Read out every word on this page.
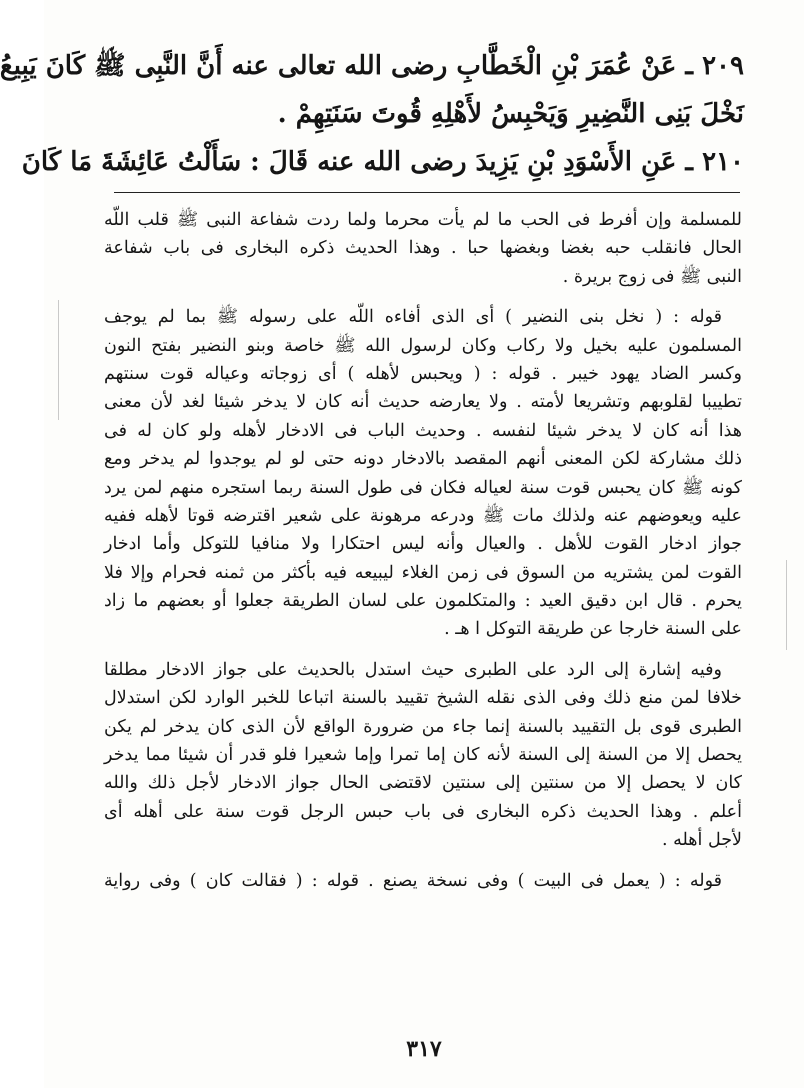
٢٠٩ ـ عَنْ عُمَرَ بْنِ الْخَطَّابِ رضى الله تعالى عنه أَنَّ النَّبِى ﷺ كَانَ يَبِيعُ
نَخْلَ بَنِى النَّضِيرِ وَيَحْبِسُ لأَهْلِهِ قُوتَ سَنَتِهِمْ .
٢١٠ ـ عَنِ الأَسْوَدِ بْنِ يَزِيدَ رضى الله عنه قَالَ : سَأَلْتُ عَائِشَةَ مَا كَانَ
للمسلمة وإن أفرط فى الحب ما لم يأت محرما ولما ردت شفاعة النبى ﷺ قلب اللّه
الحال فانقلب حبه بغضا وبغضها حبا . وهذا الحديث ذكره البخارى فى باب شفاعة
النبى ﷺ فى زوج بريرة .
قوله : ( نخل بنى النضير ) أى الذى أفاءه اللّه على رسوله ﷺ بما لم يوجف
المسلمون عليه بخيل ولا ركاب وكان لرسول الله ﷺ خاصة وبنو النضير بفتح النون
وكسر الضاد يهود خيبر . قوله : ( ويحبس لأهله ) أى زوجاته وعياله قوت سنتهم
تطييبا لقلوبهم وتشريعا لأمته . ولا يعارضه حديث أنه كان لا يدخر شيئا لغد لأن معنى
هذا أنه كان لا يدخر شيئا لنفسه . وحديث الباب فى الادخار لأهله ولو كان له فى
ذلك مشاركة لكن المعنى أنهم المقصد بالادخار دونه حتى لو لم يوجدوا لم يدخر ومع
كونه ﷺ كان يحبس قوت سنة لعياله فكان فى طول السنة ربما استجره منهم لمن يرد
عليه ويعوضهم عنه ولذلك مات ﷺ ودرعه مرهونة على شعير اقترضه قوتا لأهله ففيه
جواز ادخار القوت للأهل . والعيال وأنه ليس احتكارا ولا منافيا للتوكل وأما ادخار
القوت لمن يشتريه من السوق فى زمن الغلاء ليبيعه فيه بأكثر من ثمنه فحرام وإلا فلا
يحرم . قال ابن دقيق العيد : والمتكلمون على لسان الطريقة جعلوا أو بعضهم ما زاد
على السنة خارجا عن طريقة التوكل ا هـ .
وفيه إشارة إلى الرد على الطبرى حيث استدل بالحديث على جواز الادخار مطلقا
خلافا لمن منع ذلك وفى الذى نقله الشيخ تقييد بالسنة اتباعا للخبر الوارد لكن استدلال
الطبرى قوى بل التقييد بالسنة إنما جاء من ضرورة الواقع لأن الذى كان يدخر لم يكن
يحصل إلا من السنة إلى السنة لأنه كان إما تمرا وإما شعيرا فلو قدر أن شيئا مما يدخر
كان لا يحصل إلا من سنتين إلى سنتين لاقتضى الحال جواز الادخار لأجل ذلك والله
أعلم . وهذا الحديث ذكره البخارى فى باب حبس الرجل قوت سنة على أهله أى
لأجل أهله .
قوله : ( يعمل فى البيت ) وفى نسخة يصنع . قوله : ( فقالت كان ) وفى رواية
٣١٧
